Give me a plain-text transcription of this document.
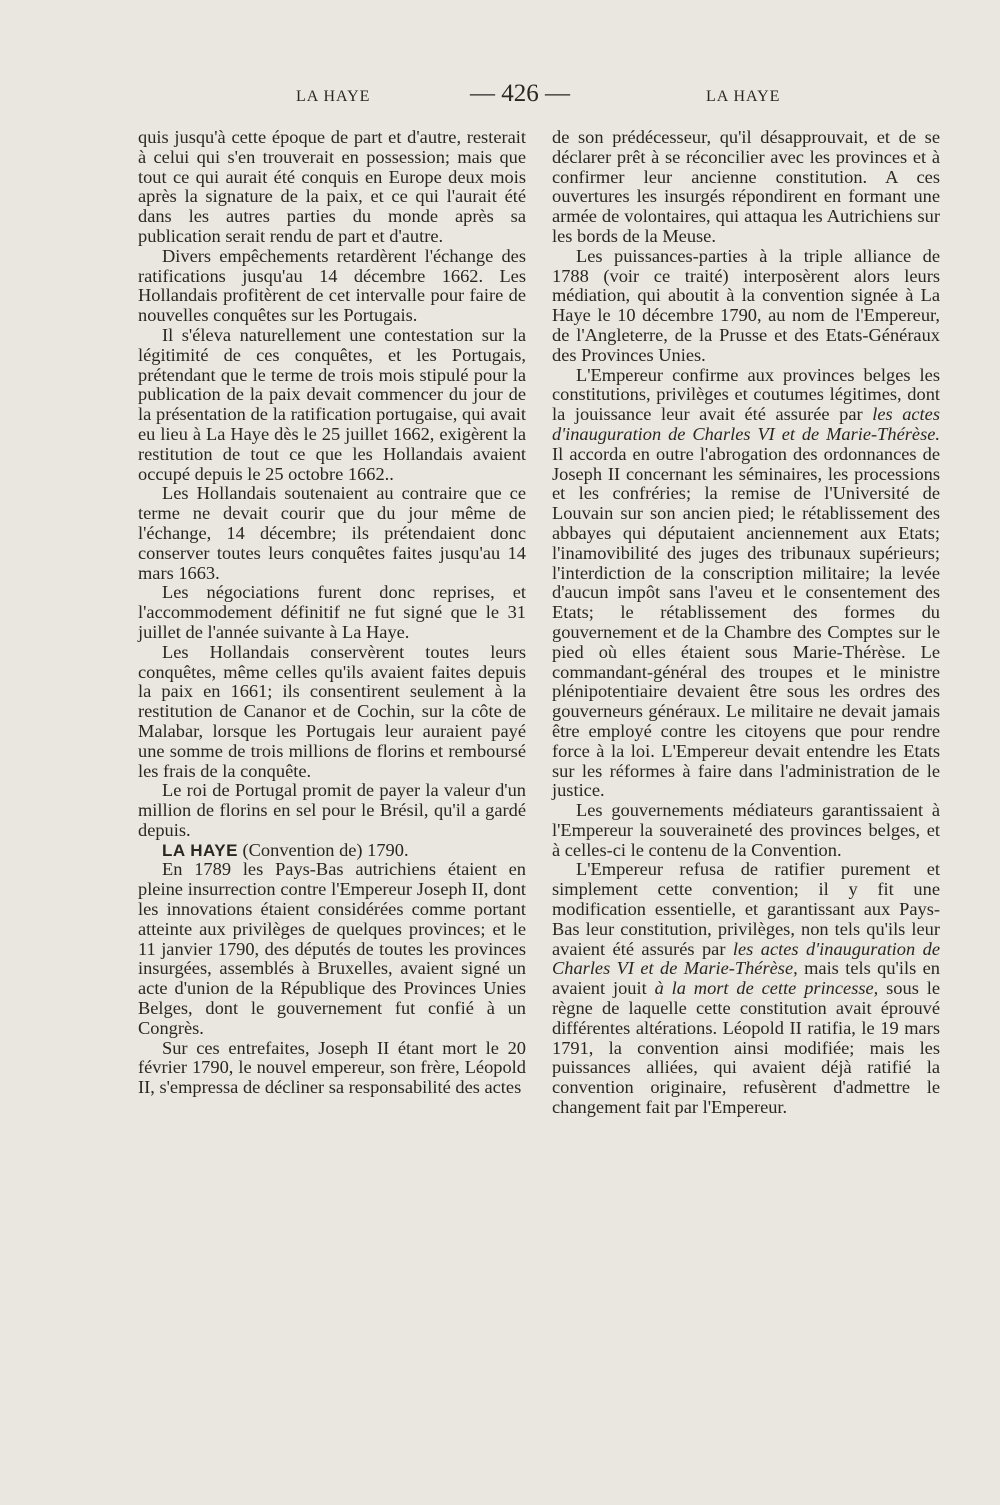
LA HAYE	— 426 —	LA HAYE

quis jusqu'à cette époque de part et d'autre, resterait à celui qui s'en trouverait en possession; mais que tout ce qui aurait été conquis en Europe deux mois après la signature de la paix, et ce qui l'aurait été dans les autres parties du monde après sa publication serait rendu de part et d'autre.

Divers empêchements retardèrent l'échange des ratifications jusqu'au 14 décembre 1662. Les Hollandais profitèrent de cet intervalle pour faire de nouvelles conquêtes sur les Portugais.

Il s'éleva naturellement une contestation sur la légitimité de ces conquêtes, et les Portugais, prétendant que le terme de trois mois stipulé pour la publication de la paix devait commencer du jour de la présentation de la ratification portugaise, qui avait eu lieu à La Haye dès le 25 juillet 1662, exigèrent la restitution de tout ce que les Hollandais avaient occupé depuis le 25 octobre 1662..

Les Hollandais soutenaient au contraire que ce terme ne devait courir que du jour même de l'échange, 14 décembre; ils prétendaient donc conserver toutes leurs conquêtes faites jusqu'au 14 mars 1663.

Les négociations furent donc reprises, et l'accommodement définitif ne fut signé que le 31 juillet de l'année suivante à La Haye.

Les Hollandais conservèrent toutes leurs conquêtes, même celles qu'ils avaient faites depuis la paix en 1661; ils consentirent seulement à la restitution de Cananor et de Cochin, sur la côte de Malabar, lorsque les Portugais leur auraient payé une somme de trois millions de florins et remboursé les frais de la conquête.

Le roi de Portugal promit de payer la valeur d'un million de florins en sel pour le Brésil, qu'il a gardé depuis.

LA HAYE (Convention de) 1790.

En 1789 les Pays-Bas autrichiens étaient en pleine insurrection contre l'Empereur Joseph II, dont les innovations étaient considérées comme portant atteinte aux privilèges de quelques provinces; et le 11 janvier 1790, des députés de toutes les provinces insurgées, assemblés à Bruxelles, avaient signé un acte d'union de la République des Provinces Unies Belges, dont le gouvernement fut confié à un Congrès.

Sur ces entrefaites, Joseph II étant mort le 20 février 1790, le nouvel empereur, son frère, Léopold II, s'empressa de décliner sa responsabilité des actes

de son prédécesseur, qu'il désapprouvait, et de se déclarer prêt à se réconcilier avec les provinces et à confirmer leur ancienne constitution. A ces ouvertures les insurgés répondirent en formant une armée de volontaires, qui attaqua les Autrichiens sur les bords de la Meuse.

Les puissances-parties à la triple alliance de 1788 (voir ce traité) interposèrent alors leurs médiation, qui aboutit à la convention signée à La Haye le 10 décembre 1790, au nom de l'Empereur, de l'Angleterre, de la Prusse et des Etats-Généraux des Provinces Unies.

L'Empereur confirme aux provinces belges les constitutions, privilèges et coutumes légitimes, dont la jouissance leur avait été assurée par les actes d'inauguration de Charles VI et de Marie-Thérèse. Il accorda en outre l'abrogation des ordonnances de Joseph II concernant les séminaires, les processions et les confréries; la remise de l'Université de Louvain sur son ancien pied; le rétablissement des abbayes qui députaient anciennement aux Etats; l'inamovibilité des juges des tribunaux supérieurs; l'interdiction de la conscription militaire; la levée d'aucun impôt sans l'aveu et le consentement des Etats; le rétablissement des formes du gouvernement et de la Chambre des Comptes sur le pied où elles étaient sous Marie-Thérèse. Le commandant-général des troupes et le ministre plénipotentiaire devaient être sous les ordres des gouverneurs généraux. Le militaire ne devait jamais être employé contre les citoyens que pour rendre force à la loi. L'Empereur devait entendre les Etats sur les réformes à faire dans l'administration de le justice.

Les gouvernements médiateurs garantissaient à l'Empereur la souveraineté des provinces belges, et à celles-ci le contenu de la Convention.

L'Empereur refusa de ratifier purement et simplement cette convention; il y fit une modification essentielle, et garantissant aux Pays-Bas leur constitution, privilèges, non tels qu'ils leur avaient été assurés par les actes d'inauguration de Charles VI et de Marie-Thérèse, mais tels qu'ils en avaient jouit à la mort de cette princesse, sous le règne de laquelle cette constitution avait éprouvé différentes altérations. Léopold II ratifia, le 19 mars 1791, la convention ainsi modifiée; mais les puissances alliées, qui avaient déjà ratifié la convention originaire, refusèrent d'admettre le changement fait par l'Empereur.
